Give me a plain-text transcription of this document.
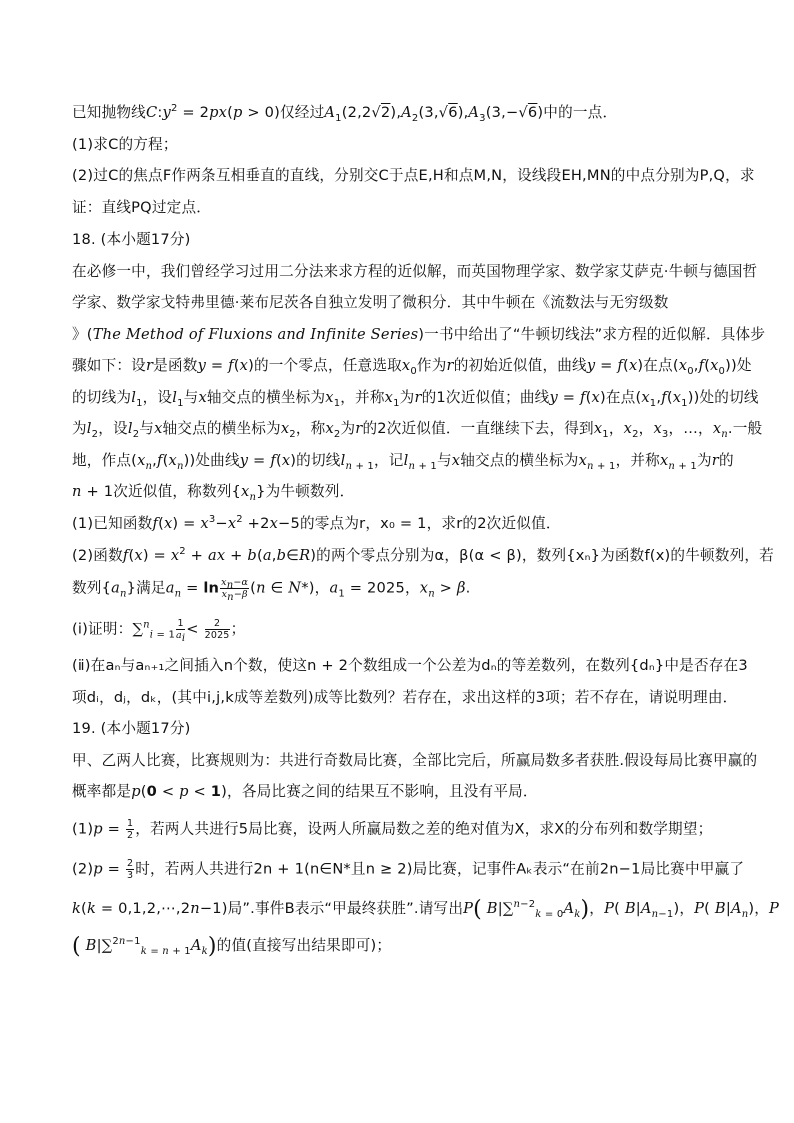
已知抛物线$C:y^2 = 2px(p > 0)$仅经过$A_1(2,2√2),A_2(3,√6),A_3(3,-√6)$中的一点．
(1)求C的方程；
(2)过C的焦点F作两条互相垂直的直线，分别交C于点E,H和点M,N，设线段EH,MN的中点分别为P,Q，求
证：直线PQ过定点．
18. (本小题17分)
在必修一中，我们曾经学习过用二分法来求方程的近似解，而英国物理学家、数学家艾萨克·牛顿与德国哲
学家、数学家戈特弗里德·莱布尼茨各自独立发明了微积分．其中牛顿在《流数法与无穷级数
》(The Method of Fluxions and Infinite Series)一书中给出了“牛顿切线法”求方程的近似解．具体步
骤如下：设r是函数y = f(x)的一个零点，任意选取$x_0$作为r的初始近似值，曲线y = f(x)在点$(x_0,f(x_0))$处
的切线为$l_1$，设$l_1$与x轴交点的横坐标为$x_1$，并称$x_1$为r的1次近似值；曲线y = f(x)在点$(x_1,f(x_1))$处的切线
为$l_2$，设$l_2$与x轴交点的横坐标为$x_2$，称$x_2$为r的2次近似值．一直继续下去，得到$x_1$，$x_2$，$x_3$，…，$x_n$.一般
地，作点$(x_n,f(x_n))$处曲线y = f(x)的切线$l_{n + 1}$，记$l_{n + 1}$与x轴交点的横坐标为$x_{n + 1}$，并称$x_{n + 1}$为r的
n + 1次近似值，称数列$\{x_n\}$为牛顿数列．
(1)已知函数$f(x) = x^3-x^2 +2x-5$的零点为r，x₀ = 1，求r的2次近似值．
(2)函数$f(x) = x^2$ + ax + b(a,b∈R)的两个零点分别为α，β(α < β)，数列{xₙ}为函数f(x)的牛顿数列，若
数列$\{a_n\}$满足$a_n = \ln \frac{x_n-\alpha}{x_n-\beta} (n$ ∈ N*)，$a_1 = 2025$，$x_n > \beta$.
(ⅰ)证明：$\sum^n_{i = 1} \frac{1}{a_i} < \frac{2}{2025}$ ；
(ⅱ)在aₙ与aₙ₊₁之间插入n个数，使这n + 2个数组成一个公差为dₙ的等差数列，在数列{dₙ}中是否存在3
项dᵢ，dⱼ，dₖ，(其中i,j,k成等差数列)成等比数列？若存在，求出这样的3项；若不存在，请说明理由．
19. (本小题17分)
甲、乙两人比赛，比赛规则为：共进行奇数局比赛，全部比完后，所赢局数多者获胜.假设每局比赛甲赢的
概率都是p(0 < p < 1)，各局比赛之间的结果互不影响，且没有平局．
$(1)p = \frac{1}{2}$ ，若两人共进行5局比赛，设两人所赢局数之差的绝对值为X，求X的分布列和数学期望；
$(2)p = \frac{2}{3}$ 时，若两人共进行2n + 1(n∈N*且n ≥ 2)局比赛，记事件Aₖ表示“在前2n−1局比赛中甲赢了
k(k = 0,1,2,⋯,2n−1)局”.事件B表示“甲最终获胜”.请写出P( $B|\sum^{n-2}_{k = 0}A_k$)，P( $B|A_{n-1}$)，P( $B|A_n$)，P
( $B|\sum^{2n-1}_{k = n + 1}A_k$)的值(直接写出结果即可)；
